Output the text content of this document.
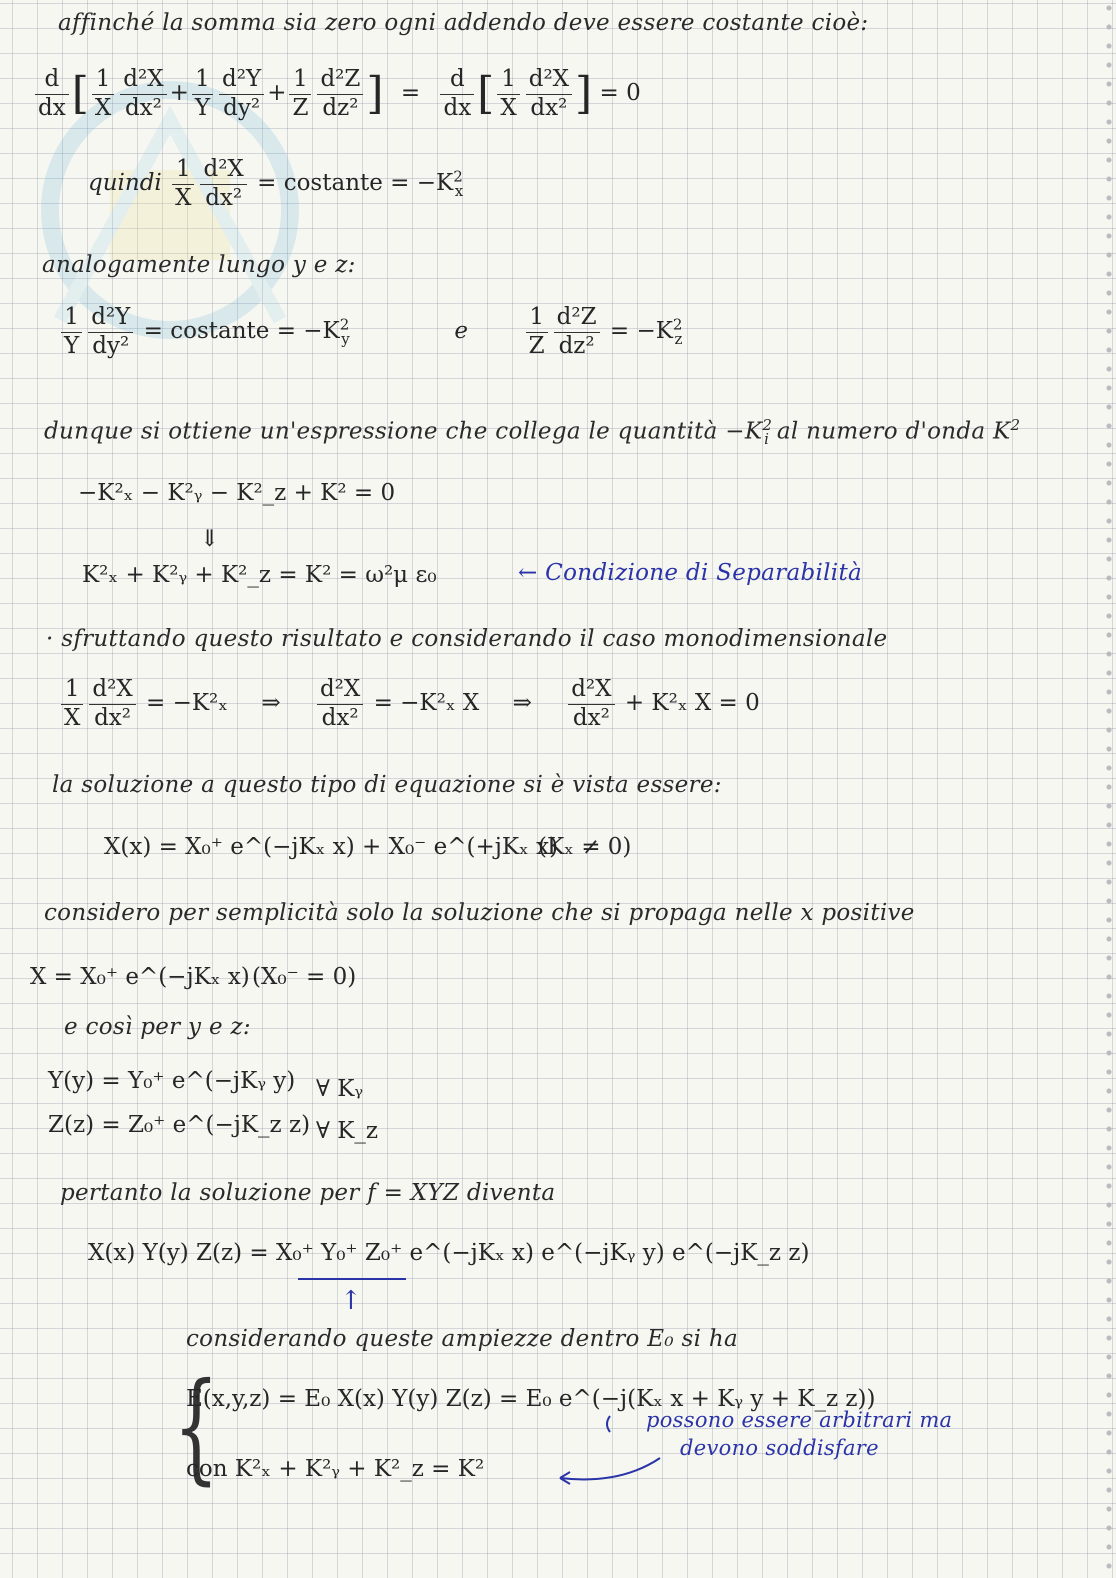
affinché la somma sia zero ogni addendo deve essere costante cioè:
$\frac{d}{dx}$ [ $\frac{1}{X} \frac{\text{d²X}}{\text{dx²}} + \frac{1}{Y} \frac{\text{d²Y}}{\text{dy²}} + \frac{1}{Z} \frac{\text{d²Z}}{\text{dz²}}$ ] = $\frac{d}{dx}$ [ $\frac{1}{X} \frac{\text{d²X}}{\text{dx²}}$ ] = 0
quindi $\frac{1}{X} \frac{\text{d²X}}{\text{dx²}}$ = costante = $-K^2_x$
analogamente lungo y e z:
$\frac{1}{Y} \frac{\text{d²Y}}{\text{dy²}}$ = costante = $-K^2_y$	e	$\frac{1}{Z} \frac{\text{d²Z}}{\text{dz²}} = -K^2_z$
dunque si ottiene un'espressione che collega le quantità $-K^2_i$ al numero d'onda $K^2$
−K²ₓ − K²ᵧ − K²_z + K² = 0
⇓
K²ₓ + K²ᵧ + K²_z = K² = ω²μ ε₀	← Condizione di Separabilità
· sfruttando questo risultato e considerando il caso monodimensionale
$\frac{1}{X} \frac{\text{d²X}}{\text{dx²}} = -K^2_x$ ⇒ $\frac{\text{d²X}}{\text{dx²}} = -K^2_x$ X ⇒ $\frac{\text{d²X}}{\text{dx²}} + K^2_x$ X = 0
la soluzione a questo tipo di equazione si è vista essere:
X(x) = X₀⁺ e^(−jKₓ x) + X₀⁻ e^(+jKₓ x)
(Kₓ ≠ 0)
considero per semplicità solo la soluzione che si propaga nelle x positive
X = X₀⁺ e^(−jKₓ x) (X₀⁻ = 0)
e così per y e z:
Y(y) = Y₀⁺ e^(−jKᵧ y) ∀ Kᵧ
Z(z) = Z₀⁺ e^(−jK_z z) ∀ K_z
pertanto la soluzione per f = XYZ diventa
X(x) Y(y) Z(z) = X₀⁺ Y₀⁺ Z₀⁺ e^(−jKₓ x) e^(−jKᵧ y) e^(−jK_z z)
↑
considerando queste ampiezze dentro E₀ si ha
{
E(x,y,z) = E₀ X(x) Y(y) Z(z) = E₀ e^(−j(Kₓ x + Kᵧ y + K_z z))
possono essere arbitrari ma
devono soddisfare
con K²ₓ + K²ᵧ + K²_z = K²
